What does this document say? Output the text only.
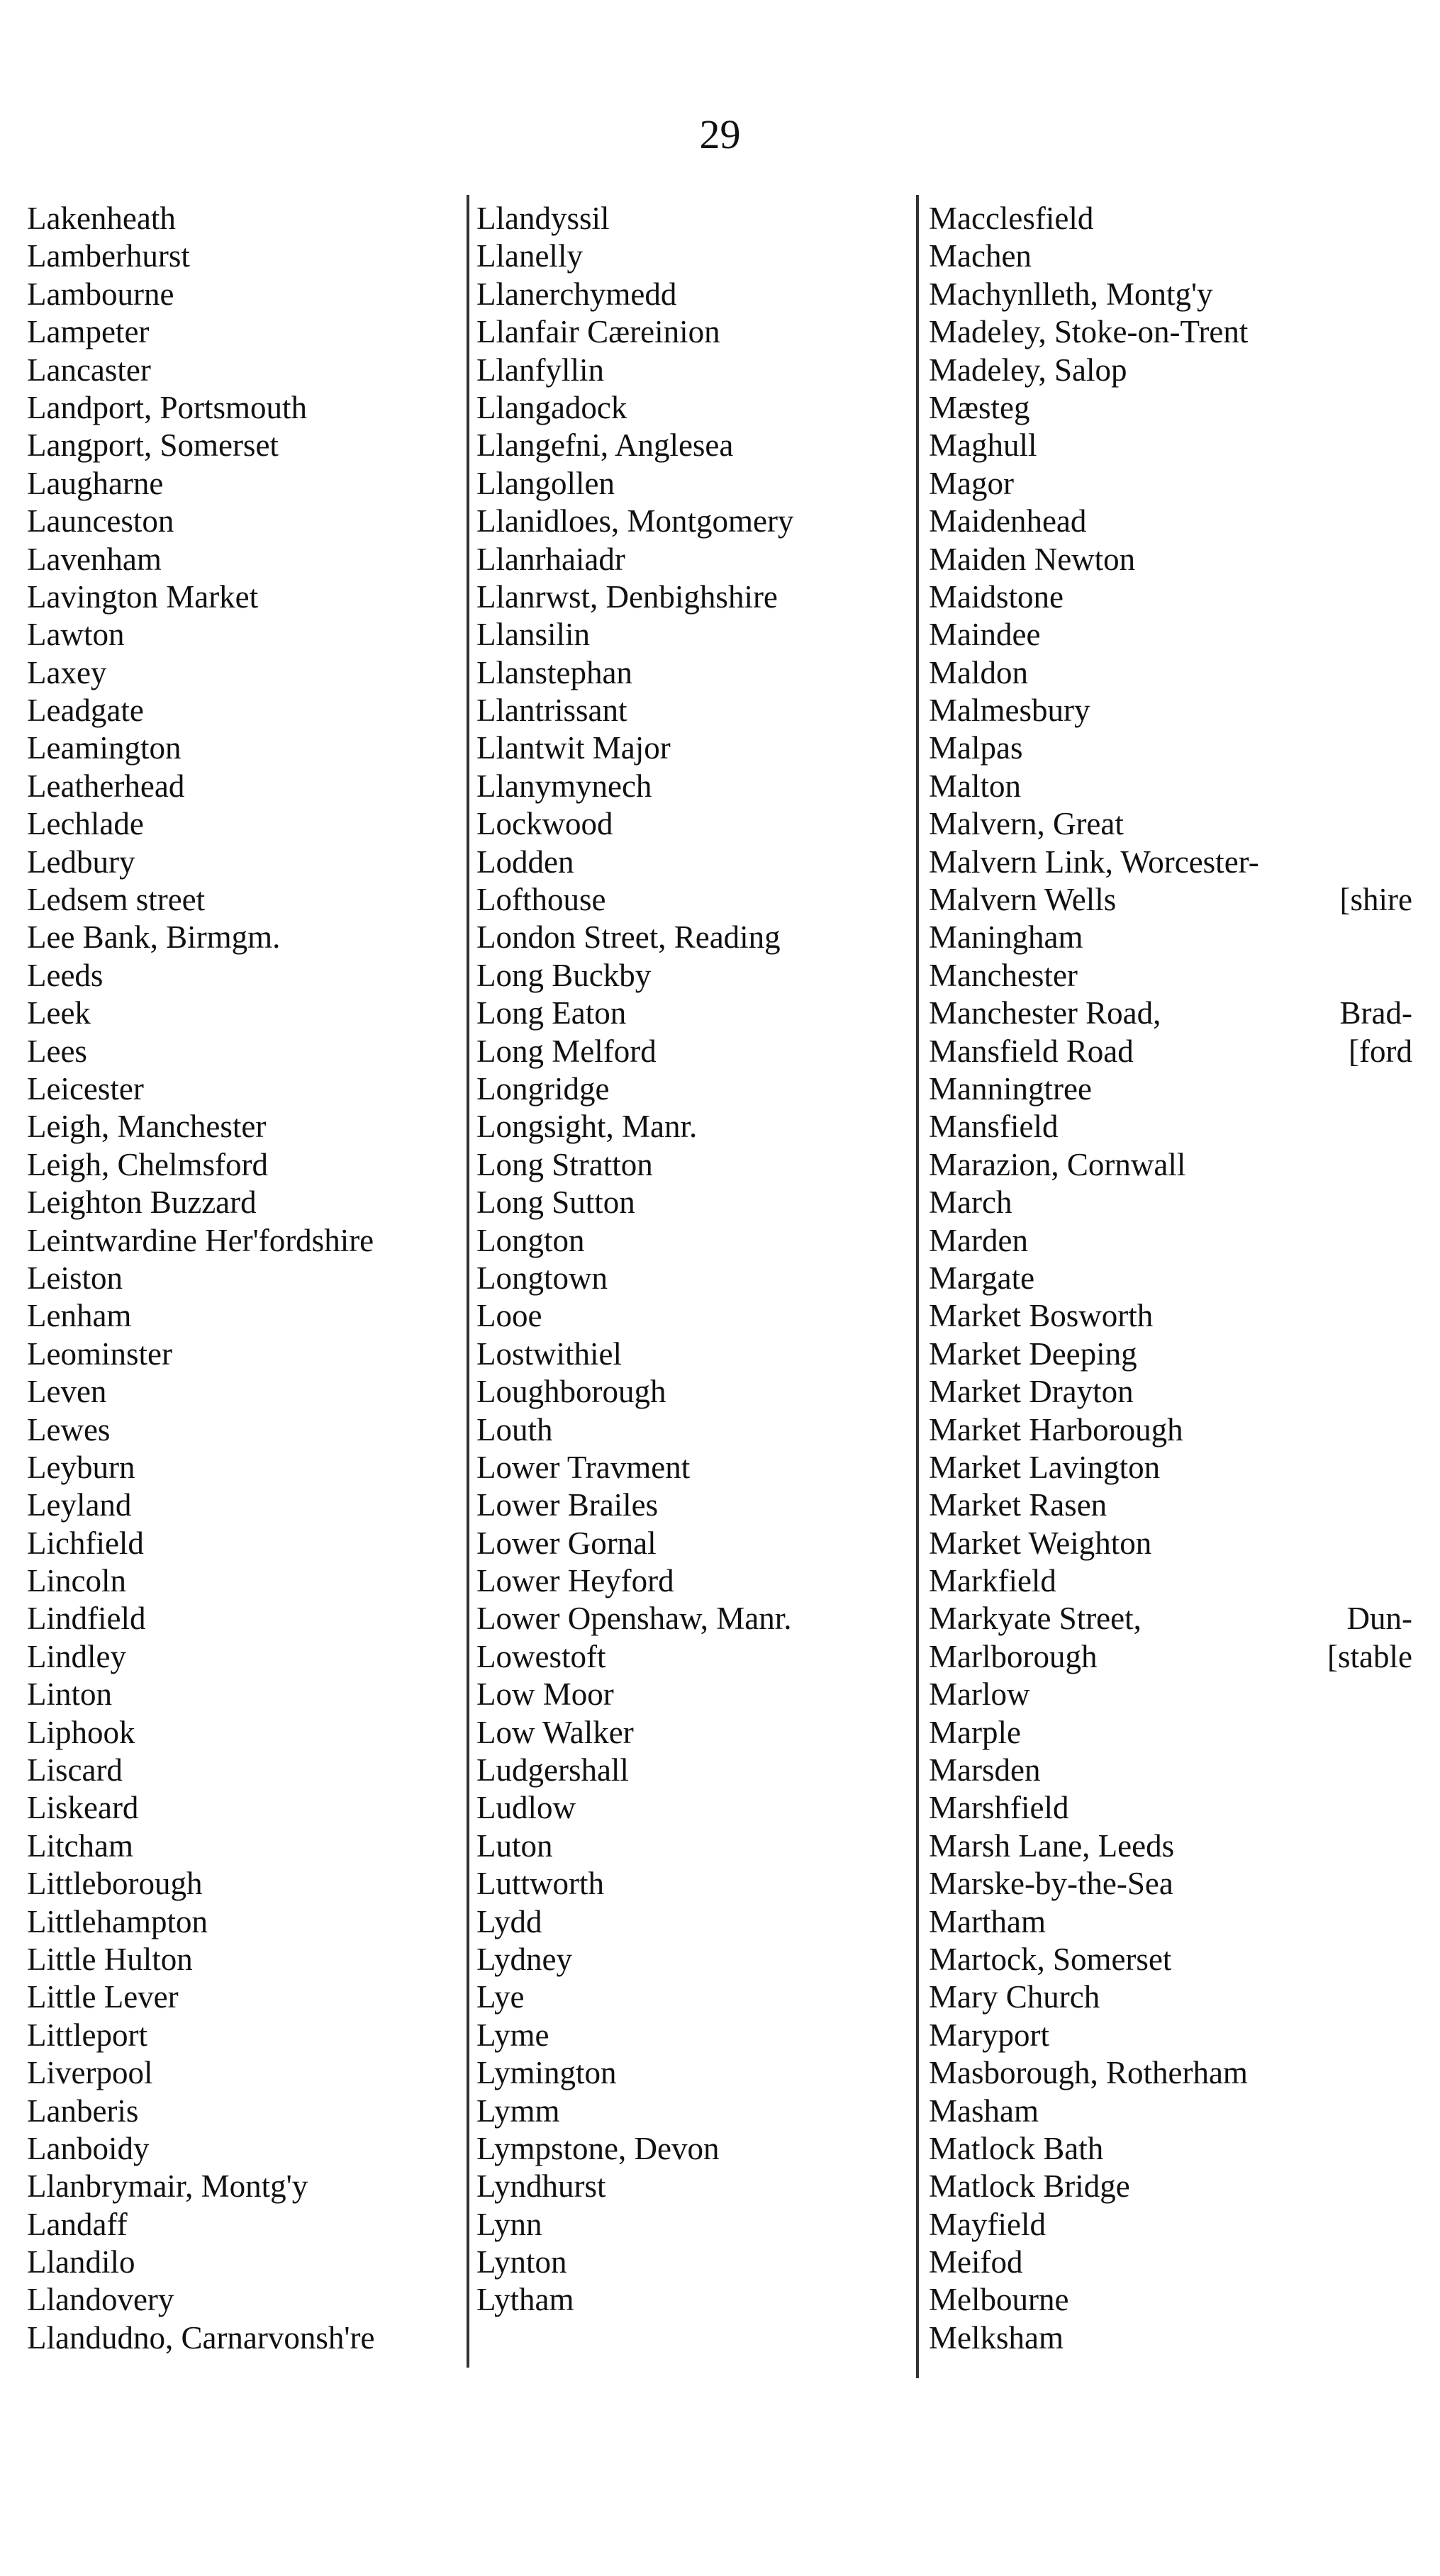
29
Lakenheath
Lamberhurst
Lambourne
Lampeter
Lancaster
Landport, Portsmouth
Langport, Somerset
Laugharne
Launceston
Lavenham
Lavington Market
Lawton
Laxey
Leadgate
Leamington
Leatherhead
Lechlade
Ledbury
Ledsem street
Lee Bank, Birmgm.
Leeds
Leek
Lees
Leicester
Leigh, Manchester
Leigh, Chelmsford
Leighton Buzzard
Leintwardine Her'fordshire
Leiston
Lenham
Leominster
Leven
Lewes
Leyburn
Leyland
Lichfield
Lincoln
Lindfield
Lindley
Linton
Liphook
Liscard
Liskeard
Litcham
Littleborough
Littlehampton
Little Hulton
Little Lever
Littleport
Liverpool
Lanberis
Lanboidy
Llanbrymair, Montg'y
Landaff
Llandilo
Llandovery
Llandudno, Carnarvonsh're
Llandyssil
Llanelly
Llanerchymedd
Llanfair Cæreinion
Llanfyllin
Llangadock
Llangefni, Anglesea
Llangollen
Llanidloes, Montgomery
Llanrhaiadr
Llanrwst, Denbighshire
Llansilin
Llanstephan
Llantrissant
Llantwit Major
Llanymynech
Lockwood
Lodden
Lofthouse
London Street, Reading
Long Buckby
Long Eaton
Long Melford
Longridge
Longsight, Manr.
Long Stratton
Long Sutton
Longton
Longtown
Looe
Lostwithiel
Loughborough
Louth
Lower Travment
Lower Brailes
Lower Gornal
Lower Heyford
Lower Openshaw, Manr.
Lowestoft
Low Moor
Low Walker
Ludgershall
Ludlow
Luton
Luttworth
Lydd
Lydney
Lye
Lyme
Lymington
Lymm
Lympstone, Devon
Lyndhurst
Lynn
Lynton
Lytham
Macclesfield
Machen
Machynlleth, Montg'y
Madeley, Stoke-on-Trent
Madeley, Salop
Mæsteg
Maghull
Magor
Maidenhead
Maiden Newton
Maidstone
Maindee
Maldon
Malmesbury
Malpas
Malton
Malvern, Great
Malvern Link, Worcester-
[shire
Malvern Wells
Maningham
Manchester
Brad-
Manchester Road,
[ford
Mansfield Road
Manningtree
Mansfield
Marazion, Cornwall
March
Marden
Margate
Market Bosworth
Market Deeping
Market Drayton
Market Harborough
Market Lavington
Market Rasen
Market Weighton
Markfield
Dun-
Markyate Street,
[stable
Marlborough
Marlow
Marple
Marsden
Marshfield
Marsh Lane, Leeds
Marske-by-the-Sea
Martham
Martock, Somerset
Mary Church
Maryport
Masborough, Rotherham
Masham
Matlock Bath
Matlock Bridge
Mayfield
Meifod
Melbourne
Melksham
